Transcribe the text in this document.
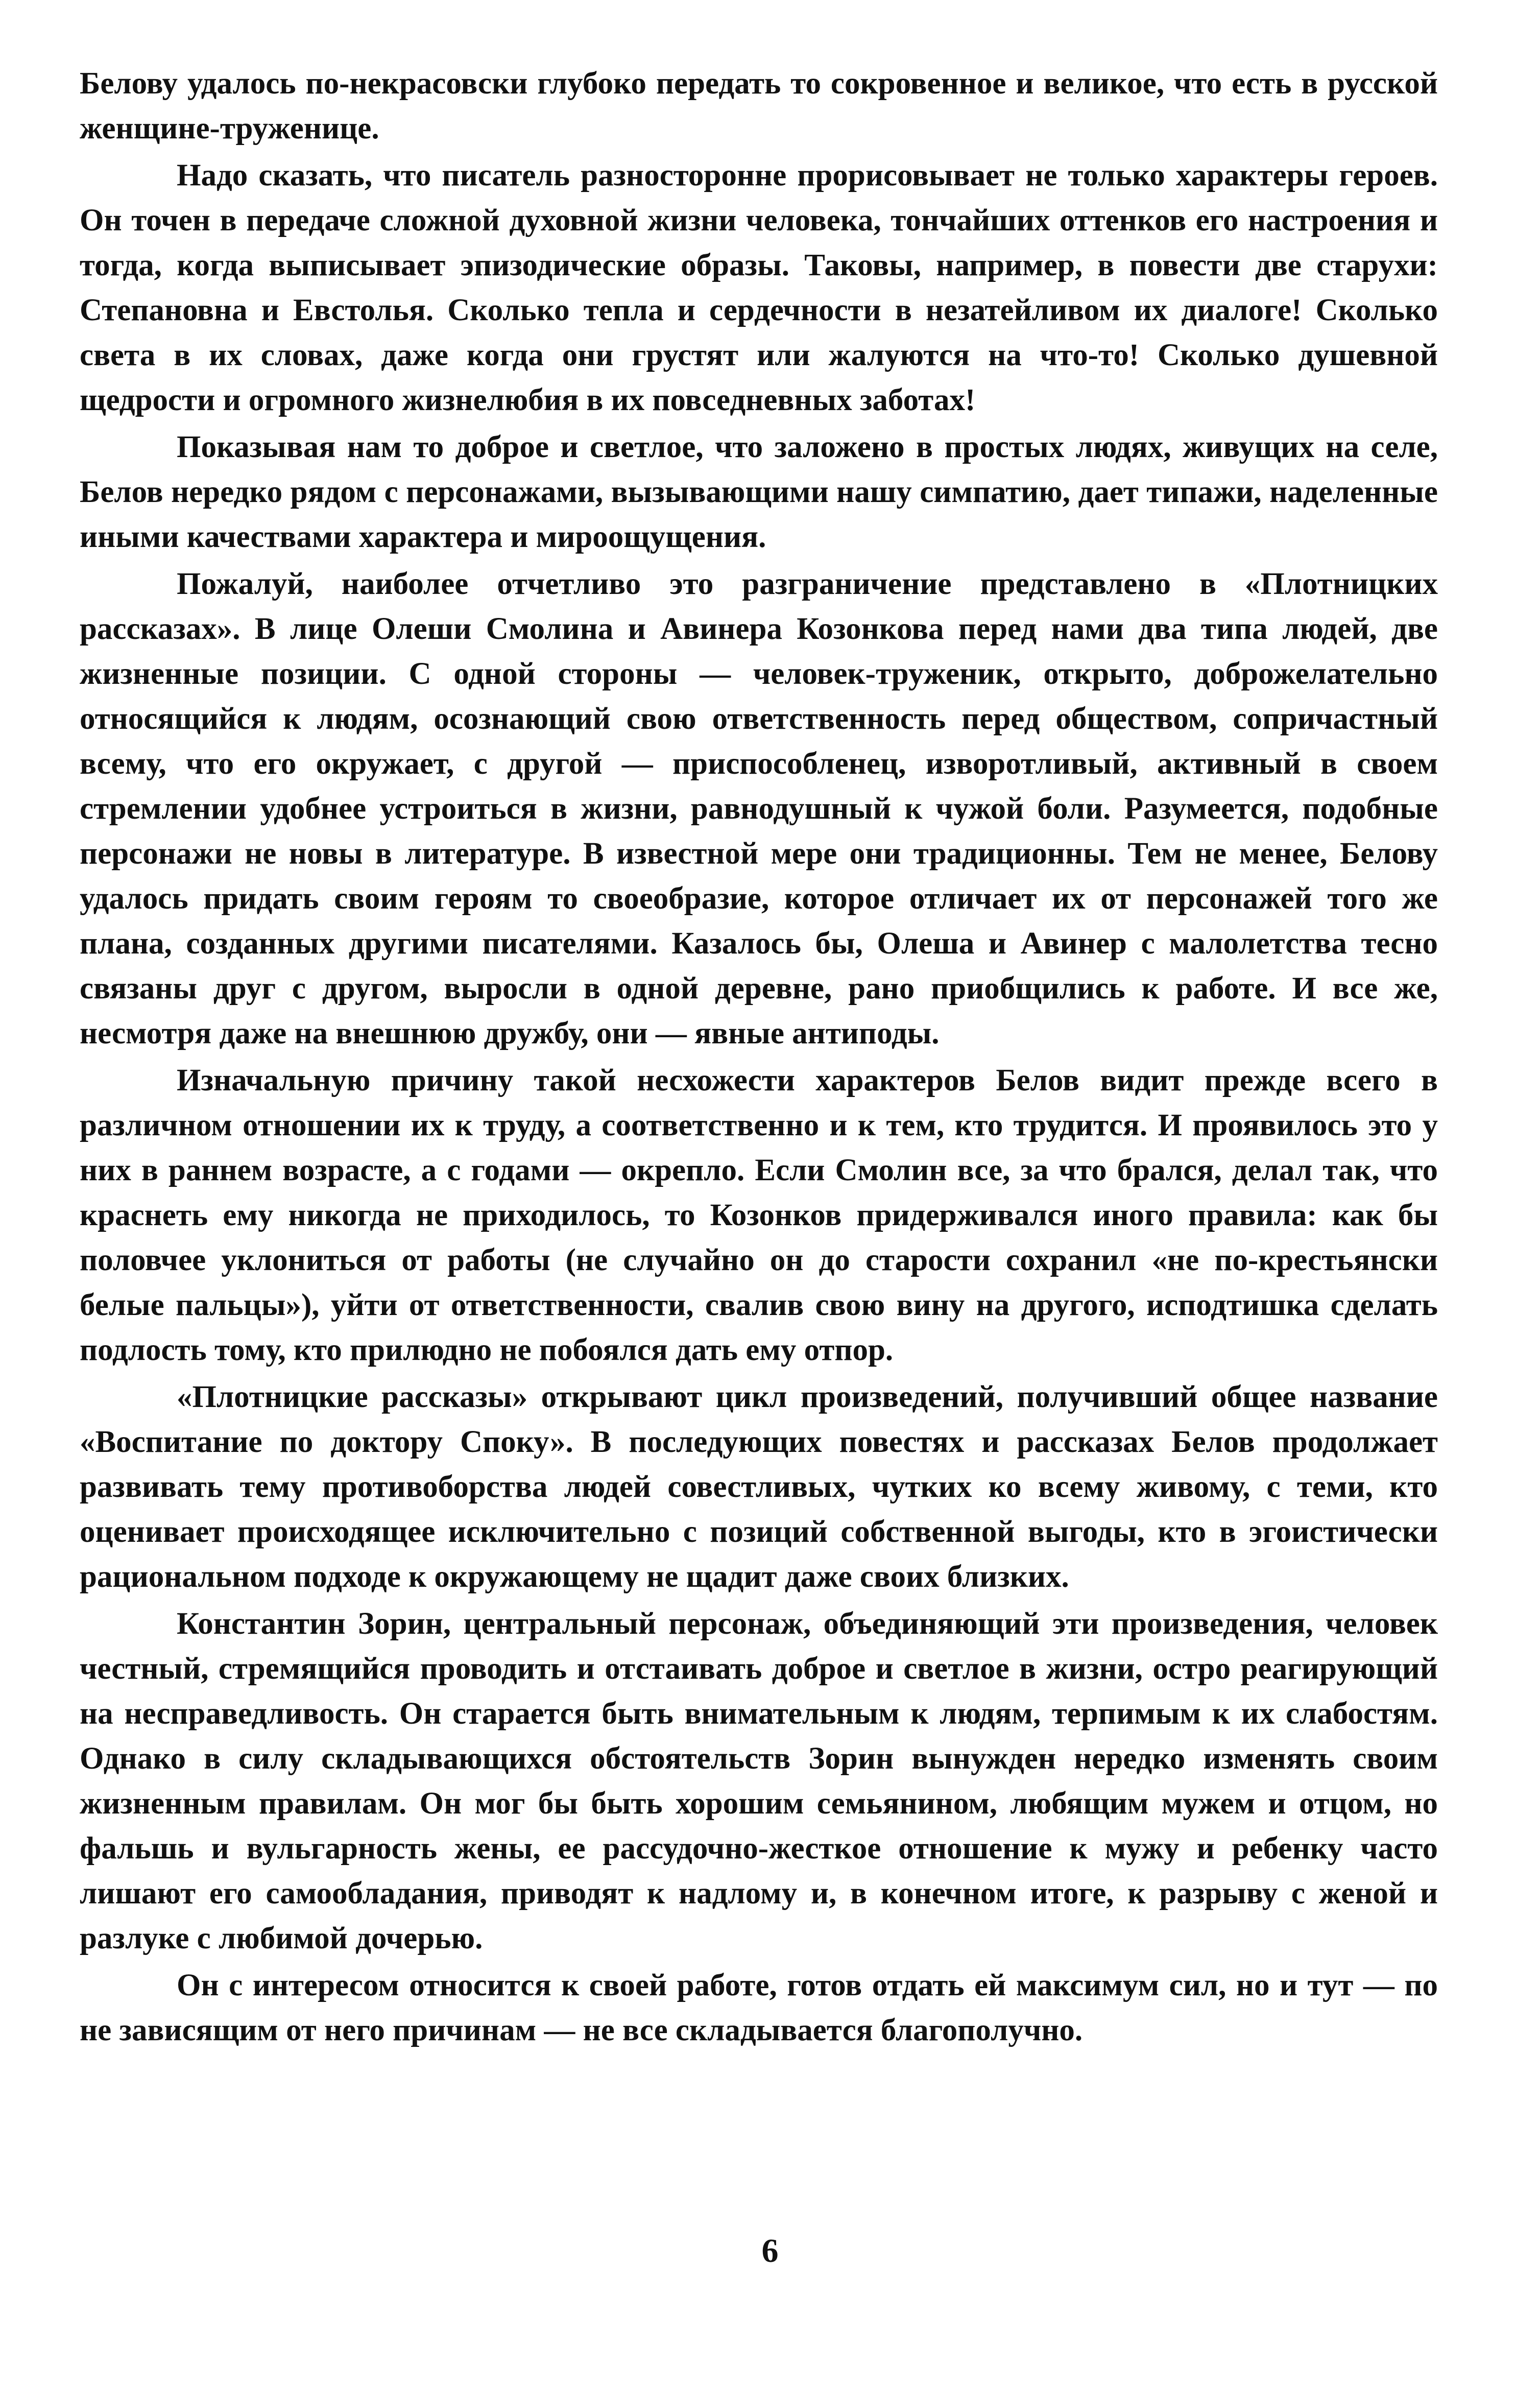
Белову удалось по-некрасовски глубоко передать то сокровенное и великое, что есть в русской женщине-труженице.

Надо сказать, что писатель разносторонне прорисовывает не только характеры героев. Он точен в передаче сложной духовной жизни человека, тончайших оттенков его настроения и тогда, когда выписывает эпизодические образы. Таковы, например, в повести две старухи: Степановна и Евстолья. Сколько тепла и сердечности в незатейливом их диалоге! Сколько света в их словах, даже когда они грустят или жалуются на что-то! Сколько душевной щедрости и огромного жизнелюбия в их повседневных заботах!

Показывая нам то доброе и светлое, что заложено в простых людях, живущих на селе, Белов нередко рядом с персонажами, вызывающими нашу симпатию, дает типажи, наделенные иными качествами характера и мироощущения.

Пожалуй, наиболее отчетливо это разграничение представлено в «Плотницких рассказах». В лице Олеши Смолина и Авинера Козонкова перед нами два типа людей, две жизненные позиции. С одной стороны — человек-труженик, открыто, доброжелательно относящийся к людям, осознающий свою ответственность перед обществом, сопричастный всему, что его окружает, с другой — приспособленец, изворотливый, активный в своем стремлении удобнее устроиться в жизни, равнодушный к чужой боли. Разумеется, подобные персонажи не новы в литературе. В известной мере они традиционны. Тем не менее, Белову удалось придать своим героям то своеобразие, которое отличает их от персонажей того же плана, созданных другими писателями. Казалось бы, Олеша и Авинер с малолетства тесно связаны друг с другом, выросли в одной деревне, рано приобщились к работе. И все же, несмотря даже на внешнюю дружбу, они — явные антиподы.

Изначальную причину такой несхожести характеров Белов видит прежде всего в различном отношении их к труду, а соответственно и к тем, кто трудится. И проявилось это у них в раннем возрасте, а с годами — окрепло. Если Смолин все, за что брался, делал так, что краснеть ему никогда не приходилось, то Козонков придерживался иного правила: как бы половчее уклониться от работы (не случайно он до старости сохранил «не по-крестьянски белые пальцы»), уйти от ответственности, свалив свою вину на другого, исподтишка сделать подлость тому, кто прилюдно не побоялся дать ему отпор.

«Плотницкие рассказы» открывают цикл произведений, получивший общее название «Воспитание по доктору Споку». В последующих повестях и рассказах Белов продолжает развивать тему противоборства людей совестливых, чутких ко всему живому, с теми, кто оценивает происходящее исключительно с позиций собственной выгоды, кто в эгоистически рациональном подходе к окружающему не щадит даже своих близких.

Константин Зорин, центральный персонаж, объединяющий эти произведения, человек честный, стремящийся проводить и отстаивать доброе и светлое в жизни, остро реагирующий на несправедливость. Он старается быть внимательным к людям, терпимым к их слабостям. Однако в силу складывающихся обстоятельств Зорин вынужден нередко изменять своим жизненным правилам. Он мог бы быть хорошим семьянином, любящим мужем и отцом, но фальшь и вульгарность жены, ее рассудочно-жесткое отношение к мужу и ребенку часто лишают его самообладания, приводят к надлому и, в конечном итоге, к разрыву с женой и разлуке с любимой дочерью.

Он с интересом относится к своей работе, готов отдать ей максимум сил, но и тут — по не зависящим от него причинам — не все складывается благополучно.

6
